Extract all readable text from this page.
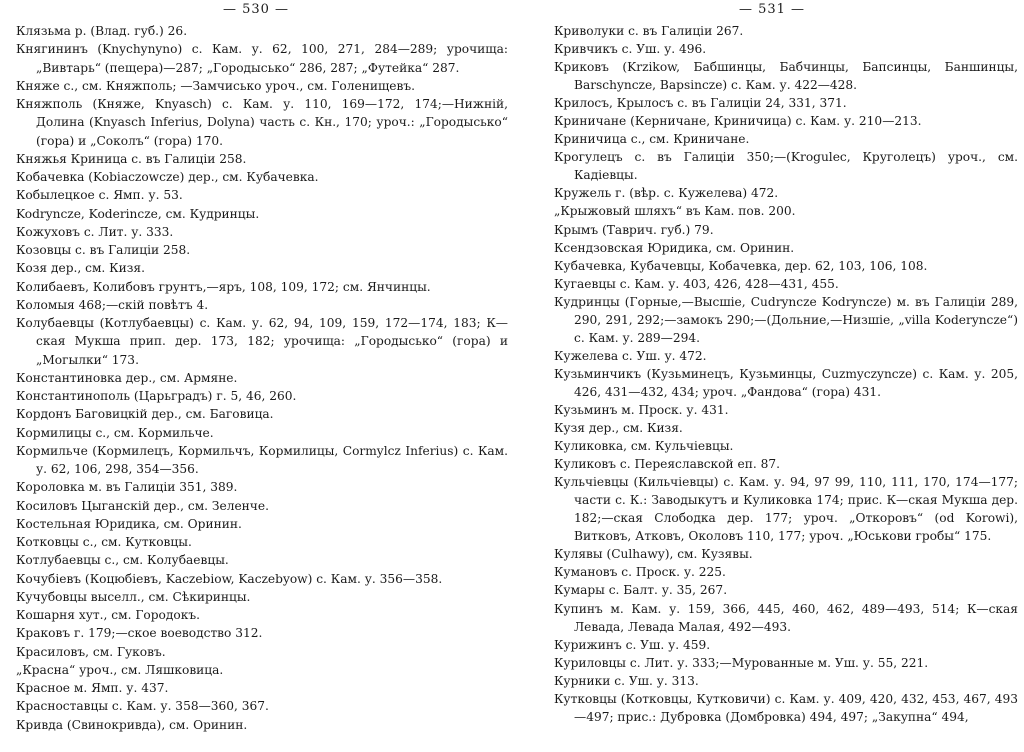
— 530 —
Клязьма р. (Влад. губ.) 26.
Княгининъ (Knychynyno) с. Кам. у. 62, 100, 271, 284—289; урочища: „Вивтарь“ (пещера)—287; „Городысько“ 286, 287; „Футейка“ 287.
Княже с., см. Княжполь; —Замчисько уроч., см. Голенищевъ.
Княжполь (Княже, Knyasch) с. Кам. у. 110, 169—172, 174;—Нижній, Долина (Knyasch Inferius, Dolyna) часть с. Кн., 170; уроч.: „Городысько“ (гора) и „Соколъ“ (гора) 170.
Княжья Криница с. въ Галиціи 258.
Кобачевка (Kobiaczowcze) дер., см. Кубачевка.
Кобылецкое с. Ямп. у. 53.
Kodryncze, Koderincze, см. Кудринцы.
Кожуховъ с. Лит. у. 333.
Козовцы с. въ Галиціи 258.
Козя дер., см. Кизя.
Колибаевъ, Колибовъ грунтъ,—яръ, 108, 109, 172; см. Янчинцы.
Коломыя 468;—скій повѣтъ 4.
Колубаевцы (Котлубаевцы) с. Кам. у. 62, 94, 109, 159, 172—174, 183; К—ская Мукша прип. дер. 173, 182; урочища: „Городысько“ (гора) и „Могылки“ 173.
Константиновка дер., см. Армяне.
Константинополь (Царьградъ) г. 5, 46, 260.
Кордонъ Баговицкій дер., см. Баговица.
Кормилицы с., см. Кормильче.
Кормильче (Кормилецъ, Кормильчъ, Кормилицы, Cormylcz Inferius) с. Кам. у. 62, 106, 298, 354—356.
Короловка м. въ Галиціи 351, 389.
Косиловъ Цыганскій дер., см. Зеленче.
Костельная Юридика, см. Оринин.
Котковцы с., см. Кутковцы.
Котлубаевцы с., см. Колубаевцы.
Кочубіевъ (Коцюбіевъ, Kaczebiow, Kaczebyow) с. Кам. у. 356—358.
Кучубовцы выселл., см. Сѣкиринцы.
Кошарня хут., см. Городокъ.
Краковъ г. 179;—ское воеводство 312.
Красиловъ, см. Гуковъ.
„Красна“ уроч., см. Ляшковица.
Красное м. Ямп. у. 437.
Краснoставцы с. Кам. у. 358—360, 367.
Кривда (Свинокривда), см. Оринин.
— 531 —
Криволуки с. въ Галиціи 267.
Кривчикъ с. Уш. у. 496.
Криковъ (Krzikow, Бабшинцы, Бабчинцы, Бапсинцы, Баншинцы, Barschyncze, Bapsincze) с. Кам. у. 422—428.
Крилосъ, Крылосъ с. въ Галиціи 24, 331, 371.
Криничане (Керничане, Криничица) с. Кам. у. 210—213.
Криничица с., см. Криничане.
Крогулецъ с. въ Галиціи 350;—(Krogulec, Круголецъ) уроч., см. Кадіевцы.
Кружель г. (вѣр. с. Кужелева) 472.
„Крыжовый шляхъ“ въ Кам. пов. 200.
Крымъ (Таврич. губ.) 79.
Ксендзовская Юридика, см. Оринин.
Кубачевка, Кубачевцы, Кобачевка, дер. 62, 103, 106, 108.
Кугаевцы с. Кам. у. 403, 426, 428—431, 455.
Кудринцы (Горные,—Высшіе, Cudryncze Kodryncze) м. въ Галиціи 289, 290, 291, 292;—замокъ 290;—(Дольние,—Низшіе, „villa Koderyncze“) с. Кам. у. 289—294.
Кужелева с. Уш. у. 472.
Кузьминчикъ (Кузьминецъ, Кузьминцы, Cuzmyczyncze) с. Кам. у. 205, 426, 431—432, 434; уроч. „Фандова“ (гора) 431.
Кузьминъ м. Проск. у. 431.
Кузя дер., см. Кизя.
Куликовка, см. Кульчіевцы.
Куликовъ с. Переяславской еп. 87.
Кульчіевцы (Кильчіевцы) с. Кам. у. 94, 97 99, 110, 111, 170, 174—177; части с. К.: Заводыкутъ и Куликовка 174; прис. К—ская Мукша дер. 182;—ская Слободка дер. 177; уроч. „Откоровъ“ (od Korowi), Витковъ, Атковъ, Околовъ 110, 177; уроч. „Юськови гробы“ 175.
Кулявы (Culhawy), см. Кузявы.
Кумановъ с. Проск. у. 225.
Кумары с. Балт. у. 35, 267.
Купинъ м. Кам. у. 159, 366, 445, 460, 462, 489—493, 514; К—ская Левада, Левада Малая, 492—493.
Курижинъ с. Уш. у. 459.
Куриловцы с. Лит. у. 333;—Мурованные м. Уш. у. 55, 221.
Курники с. Уш. у. 313.
Кутковцы (Котковцы, Кутковичи) с. Кам. у. 409, 420, 432, 453, 467, 493—497; прис.: Дубровка (Домбровка) 494, 497; „Закупна“ 494,
